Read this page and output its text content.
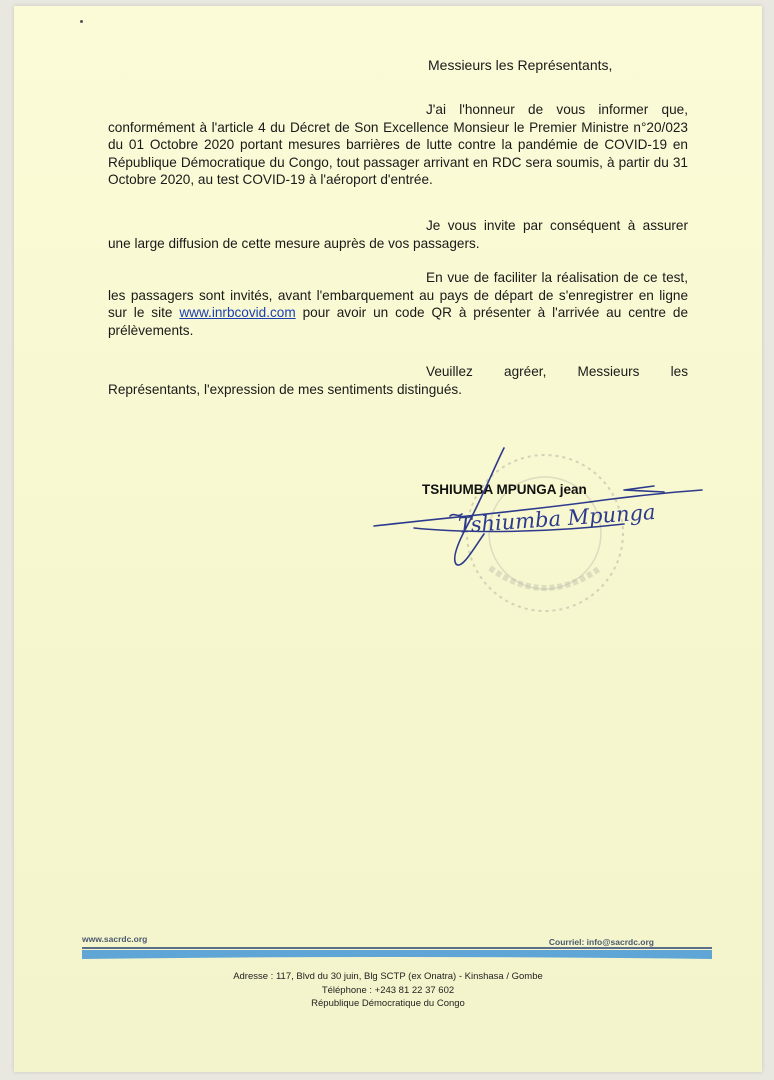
Messieurs les Représentants,

J'ai l'honneur de vous informer que, conformément à l'article 4 du Décret de Son Excellence Monsieur le Premier Ministre n°20/023 du 01 Octobre 2020 portant mesures barrières de lutte contre la pandémie de COVID-19 en République Démocratique du Congo, tout passager arrivant en RDC sera soumis, à partir du 31 Octobre 2020, au test COVID-19 à l'aéroport d'entrée.

Je vous invite par conséquent à assurer une large diffusion de cette mesure auprès de vos passagers.

En vue de faciliter la réalisation de ce test, les passagers sont invités, avant l'embarquement au pays de départ de s'enregistrer en ligne sur le site www.inrbcovid.com pour avoir un code QR à présenter à l'arrivée au centre de prélèvements.

Veuillez agréer, Messieurs les Représentants, l'expression de mes sentiments distingués.

TSHIUMBA MPUNGA jean
Tshiumba Mpunga
www.sacrdc.org	Courriel: info@sacrdc.org
Adresse : 117, Blvd du 30 juin, Blg SCTP (ex Onatra) - Kinshasa / Gombe
Téléphone : +243 81 22 37 602
République Démocratique du Congo
